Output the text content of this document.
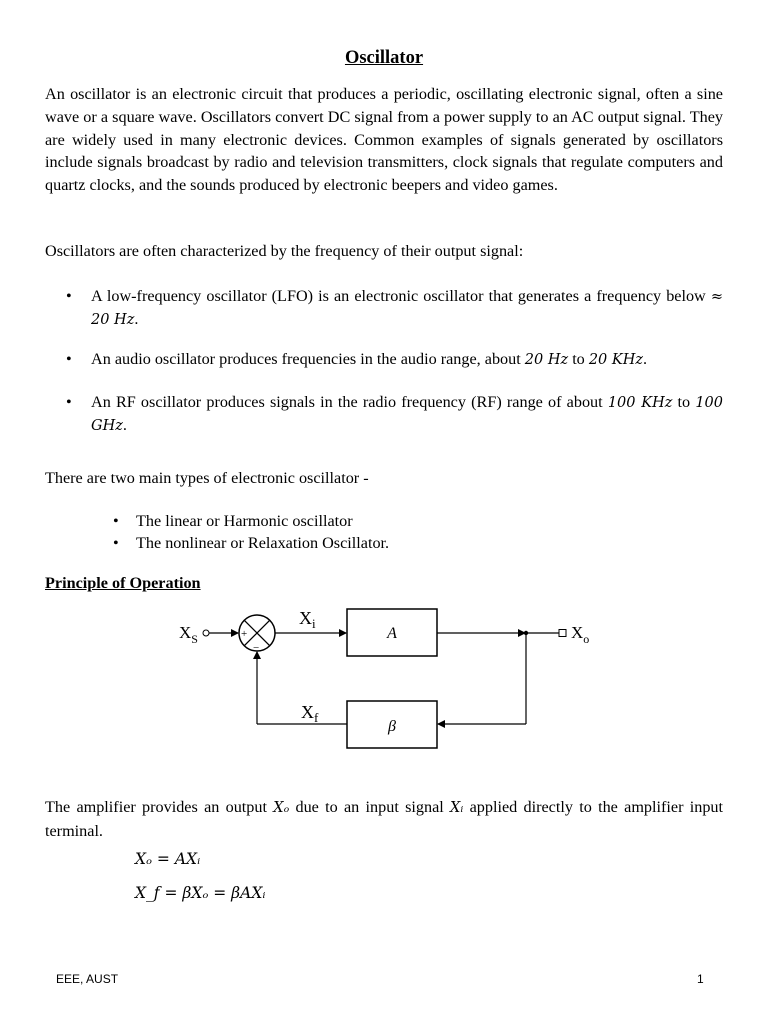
Oscillator
An oscillator is an electronic circuit that produces a periodic, oscillating electronic signal, often a sine wave or a square wave. Oscillators convert DC signal from a power supply to an AC output signal. They are widely used in many electronic devices. Common examples of signals generated by oscillators include signals broadcast by radio and television transmitters, clock signals that regulate computers and quartz clocks, and the sounds produced by electronic beepers and video games.
Oscillators are often characterized by the frequency of their output signal:
• A low-frequency oscillator (LFO) is an electronic oscillator that generates a frequency below ≈ 20 Hz.
• An audio oscillator produces frequencies in the audio range, about 20 Hz to 20 KHz.
• An RF oscillator produces signals in the radio frequency (RF) range of about 100 KHz to 100 GHz.
There are two main types of electronic oscillator -
• The linear or Harmonic oscillator
• The nonlinear or Relaxation Oscillator.
Principle of Operation
$X_S$	+
−
$X_i$
A	$X_o$
β
$X_f$
The amplifier provides an output Xₒ due to an input signal Xᵢ applied directly to the amplifier input terminal.
Xₒ = AXᵢ
X_f = βXₒ = βAXᵢ
EEE, AUST	1
